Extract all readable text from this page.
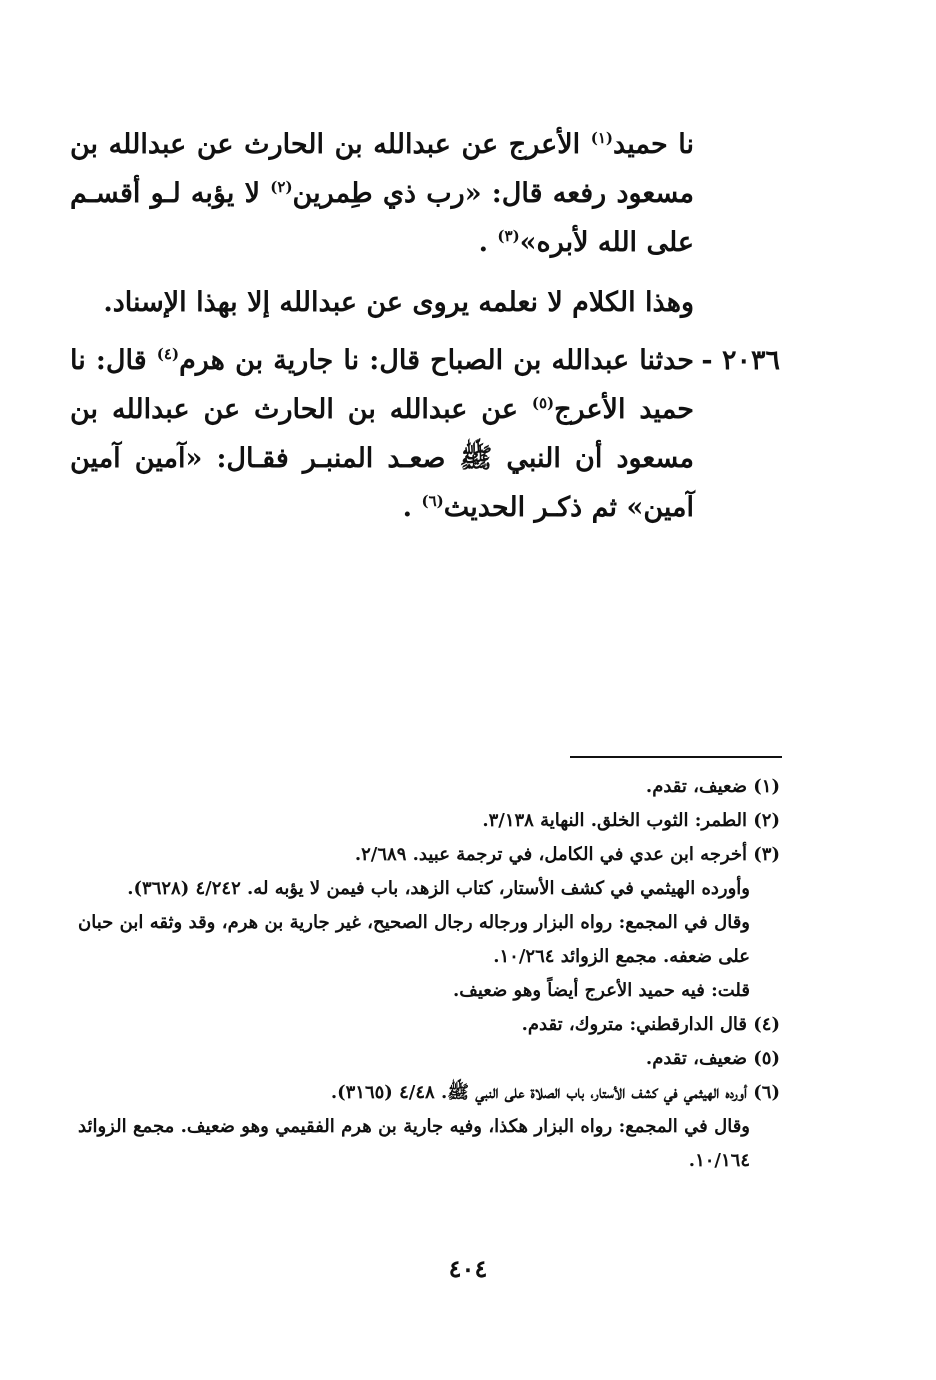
نا حميد$^{(١)}$ الأعرج عن عبدالله بن الحارث عن عبدالله بن مسعود رفعه قال: «رب ذي طِمرين$^{(٢)}$ لا يؤبه لـو أقسـم على الله لأبره»$^{(٣)}$ .
وهذا الكلام لا نعلمه يروى عن عبدالله إلا بهذا الإسناد.
٢٠٣٦ -
حدثنا عبدالله بن الصباح قال: نا جارية بن هرم$^{(٤)}$ قال: نا حميد الأعرج$^{(٥)}$ عن عبدالله بن الحارث عن عبدالله بن مسعود أن النبي ﷺ صعـد المنبـر فقـال: «آمين آمين آمين» ثم ذكـر الحديث$^{(٦)}$ .
(١) ضعيف، تقدم.
(٢) الطمر: الثوب الخلق. النهاية ٣/١٣٨.
(٣) أخرجه ابن عدي في الكامل، في ترجمة عبيد. ٢/٦٨٩.
وأورده الهيثمي في كشف الأستار، كتاب الزهد، باب فيمن لا يؤبه له. ٤/٢٤٢ (٣٦٢٨).
وقال في المجمع: رواه البزار ورجاله رجال الصحيح، غير جارية بن هرم، وقد وثقه ابن حبان على ضعفه. مجمع الزوائد ١٠/٢٦٤.
قلت: فيه حميد الأعرج أيضاً وهو ضعيف.
(٤) قال الدارقطني: متروك، تقدم.
(٥) ضعيف، تقدم.
(٦) أورده الهيثمي في كشف الأستار، باب الصلاة على النبي ﷺ. ٤/٤٨ (٣١٦٥).
وقال في المجمع: رواه البزار هكذا، وفيه جارية بن هرم الفقيمي وهو ضعيف. مجمع الزوائد ١٠/١٦٤.
٤٠٤
